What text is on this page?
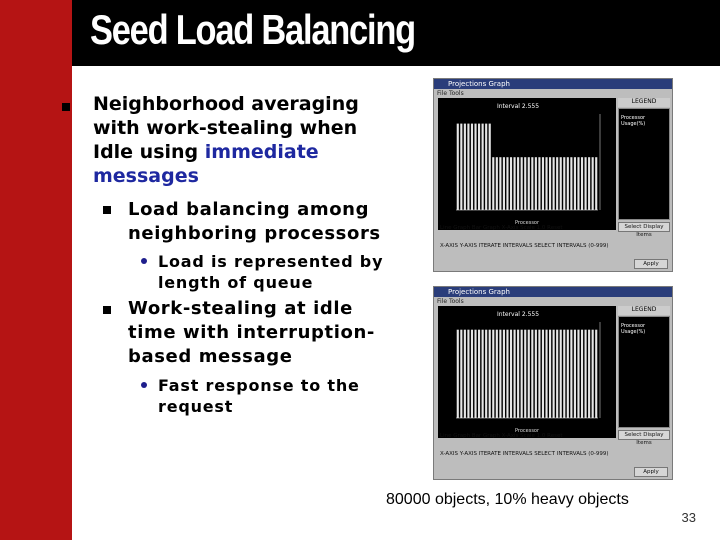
Seed Load Balancing
Neighborhood averaging
with work-stealing when
Idle using immediate
messages
Load balancing among
neighboring processors
Load is represented by
length of queue
Work-stealing at idle
time with interruption-
based message
Fast response to the
request
Projections Graph
File Tools
Interval 2.555
Processor
LEGEND
Processor Usage(%)
Select Display Items
Line Graph Bar Graph X-Axis Scale 1.0 Reset
X-AXIS Y-AXIS ITERATE INTERVALS SELECT INTERVALS (0-999)
Apply
Projections Graph
File Tools
Interval 2.555
Processor
LEGEND
Processor Usage(%)
Select Display Items
Line Graph Bar Graph X-Axis Scale 1.0 Reset
X-AXIS Y-AXIS ITERATE INTERVALS SELECT INTERVALS (0-999)
Apply
80000 objects, 10% heavy objects
33
